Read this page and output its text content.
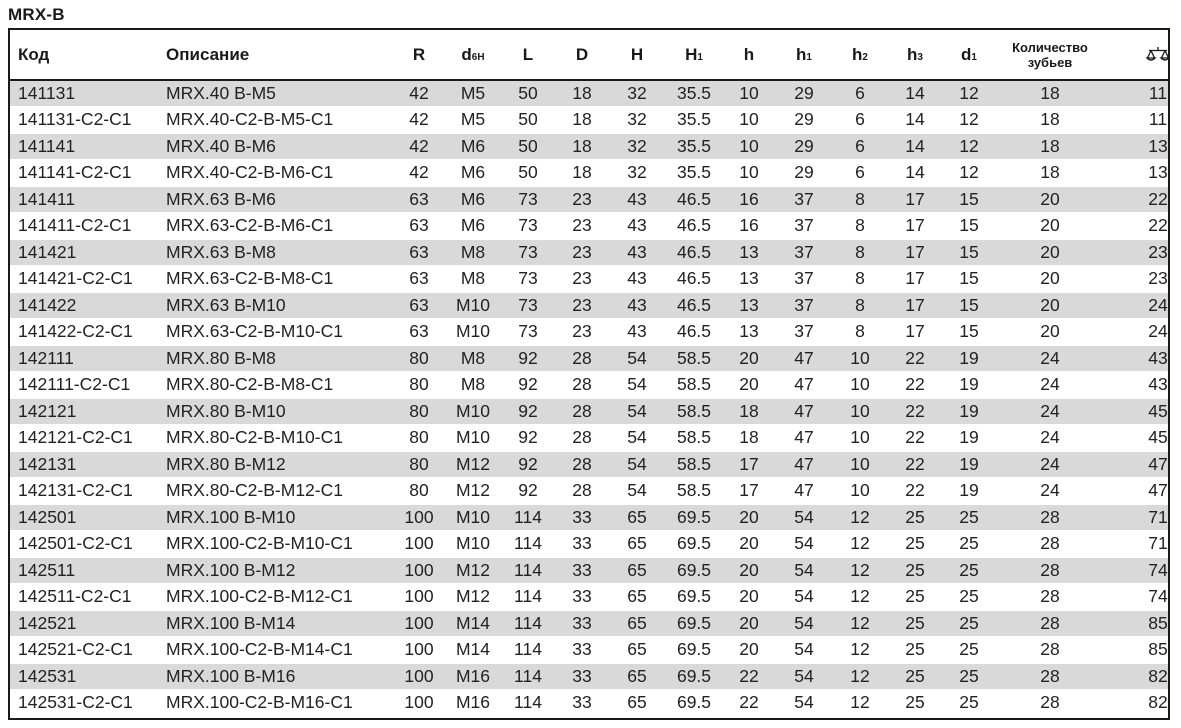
MRX-B
Код	Описание	R	d6H	L	D	H	H1	h	h1	h2	h3	d1	Количество зубьев	

141131	MRX.40 B-M5	42	M5	50	18	32	35.5	10	29	6	14	12	18	11
141131-C2-C1	MRX.40-C2-B-M5-C1	42	M5	50	18	32	35.5	10	29	6	14	12	18	11
141141	MRX.40 B-M6	42	M6	50	18	32	35.5	10	29	6	14	12	18	13
141141-C2-C1	MRX.40-C2-B-M6-C1	42	M6	50	18	32	35.5	10	29	6	14	12	18	13
141411	MRX.63 B-M6	63	M6	73	23	43	46.5	16	37	8	17	15	20	22
141411-C2-C1	MRX.63-C2-B-M6-C1	63	M6	73	23	43	46.5	16	37	8	17	15	20	22
141421	MRX.63 B-M8	63	M8	73	23	43	46.5	13	37	8	17	15	20	23
141421-C2-C1	MRX.63-C2-B-M8-C1	63	M8	73	23	43	46.5	13	37	8	17	15	20	23
141422	MRX.63 B-M10	63	M10	73	23	43	46.5	13	37	8	17	15	20	24
141422-C2-C1	MRX.63-C2-B-M10-C1	63	M10	73	23	43	46.5	13	37	8	17	15	20	24
142111	MRX.80 B-M8	80	M8	92	28	54	58.5	20	47	10	22	19	24	43
142111-C2-C1	MRX.80-C2-B-M8-C1	80	M8	92	28	54	58.5	20	47	10	22	19	24	43
142121	MRX.80 B-M10	80	M10	92	28	54	58.5	18	47	10	22	19	24	45
142121-C2-C1	MRX.80-C2-B-M10-C1	80	M10	92	28	54	58.5	18	47	10	22	19	24	45
142131	MRX.80 B-M12	80	M12	92	28	54	58.5	17	47	10	22	19	24	47
142131-C2-C1	MRX.80-C2-B-M12-C1	80	M12	92	28	54	58.5	17	47	10	22	19	24	47
142501	MRX.100 B-M10	100	M10	114	33	65	69.5	20	54	12	25	25	28	71
142501-C2-C1	MRX.100-C2-B-M10-C1	100	M10	114	33	65	69.5	20	54	12	25	25	28	71
142511	MRX.100 B-M12	100	M12	114	33	65	69.5	20	54	12	25	25	28	74
142511-C2-C1	MRX.100-C2-B-M12-C1	100	M12	114	33	65	69.5	20	54	12	25	25	28	74
142521	MRX.100 B-M14	100	M14	114	33	65	69.5	20	54	12	25	25	28	85
142521-C2-C1	MRX.100-C2-B-M14-C1	100	M14	114	33	65	69.5	20	54	12	25	25	28	85
142531	MRX.100 B-M16	100	M16	114	33	65	69.5	22	54	12	25	25	28	82
142531-C2-C1	MRX.100-C2-B-M16-C1	100	M16	114	33	65	69.5	22	54	12	25	25	28	82
